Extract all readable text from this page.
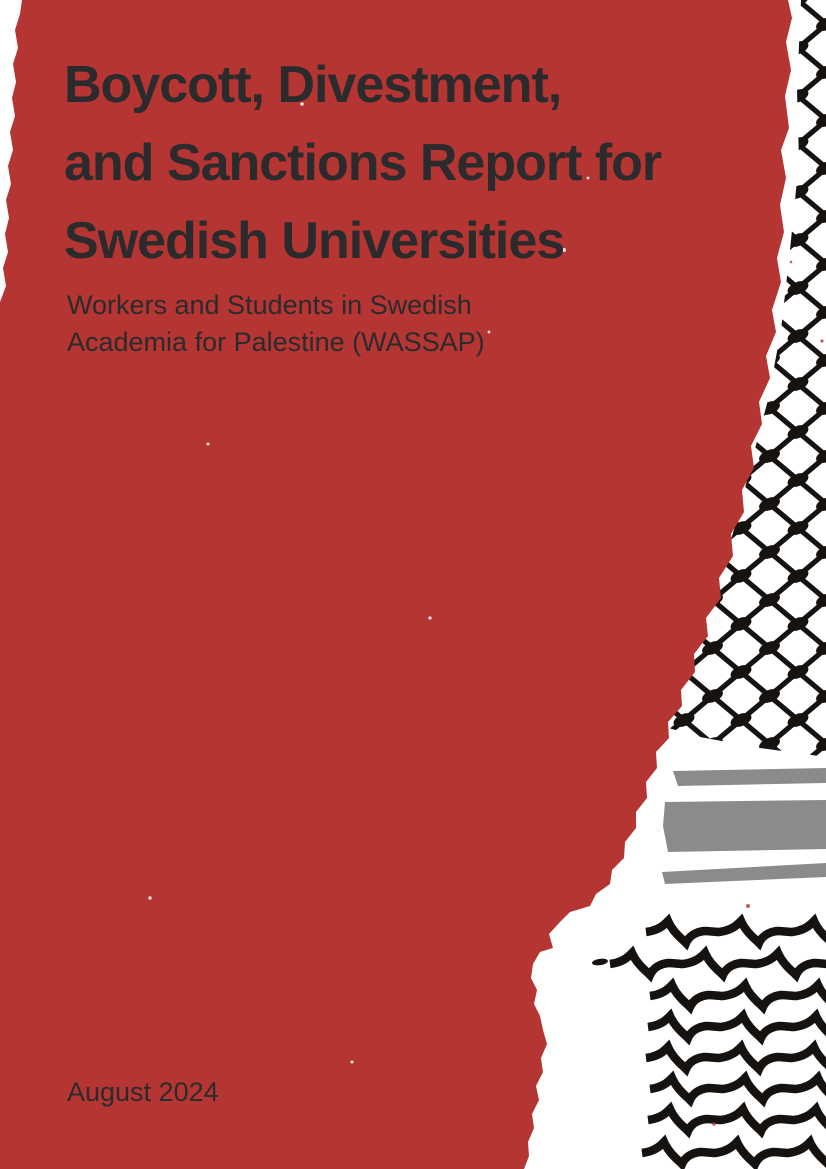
Boycott, Divestment,
and Sanctions Report for
Swedish Universities
Workers and Students in Swedish
Academia for Palestine (WASSAP)
August 2024
